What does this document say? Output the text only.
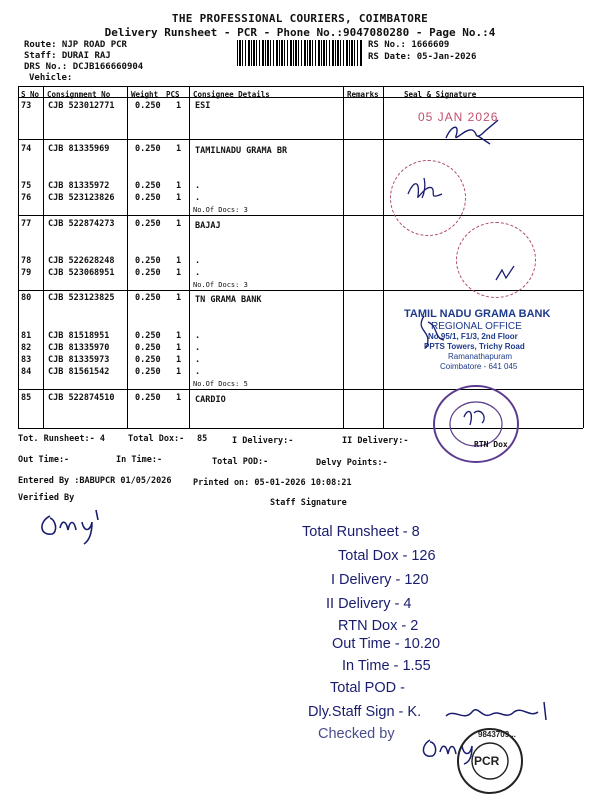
THE PROFESSIONAL COURIERS, COIMBATORE
Delivery Runsheet - PCR - Phone No.:9047080280 - Page No.:4
Route: NJP ROAD PCR
Staff: DURAI RAJ
DRS No.: DCJB166660904
Vehicle:
RS No.: 1666609
RS Date: 05-Jan-2026
S No Consignment No	Weight PCS Consignee Details	Remarks	Seal & Signature
73 CJB 523012771 0.250 1 ESI
74 CJB 81335969	0.250 1 TAMILNADU GRAMA BR
75 CJB 81335972	0.250 1 .
76 CJB 523123826 0.250 1 .
No.Of Docs: 3
77 CJB 522874273 0.250 1 BAJAJ
78 CJB 522628248 0.250 1 .
79 CJB 523068951 0.250 1 .
No.Of Docs: 3
80 CJB 523123825 0.250 1 TN GRAMA BANK
81 CJB 81518951	0.250 1 .
82 CJB 81335970	0.250 1 .
83 CJB 81335973	0.250 1 .
84 CJB 81561542	0.250 1 .
No.Of Docs: 5
85 CJB 522874510 0.250 1 CARDIO
05 JAN 2026
TAMIL NADU GRAMA BANK
REGIONAL OFFICE
No.95/1, F1/3, 2nd Floor
PPTS Towers, Trichy Road
Ramanathapuram
Coimbatore - 641 045
RTN Dox
Tot. Runsheet:- 4	Total Dox:- 85	I Delivery:-	II Delivery:-
Out Time:-	In Time:-	Total POD:-	Delvy Points:-
Entered By :BABUPCR 01/05/2026	Printed on: 05-01-2026 10:08:21
Verified By	Staff Signature
Total Runsheet - 8
Total Dox - 126
I Delivery - 120
II Delivery - 4
RTN Dox - 2
Out Time - 10.20
In Time - 1.55
Total POD -
Dly.Staff Sign - K.
Checked by
PCR
9843709...
